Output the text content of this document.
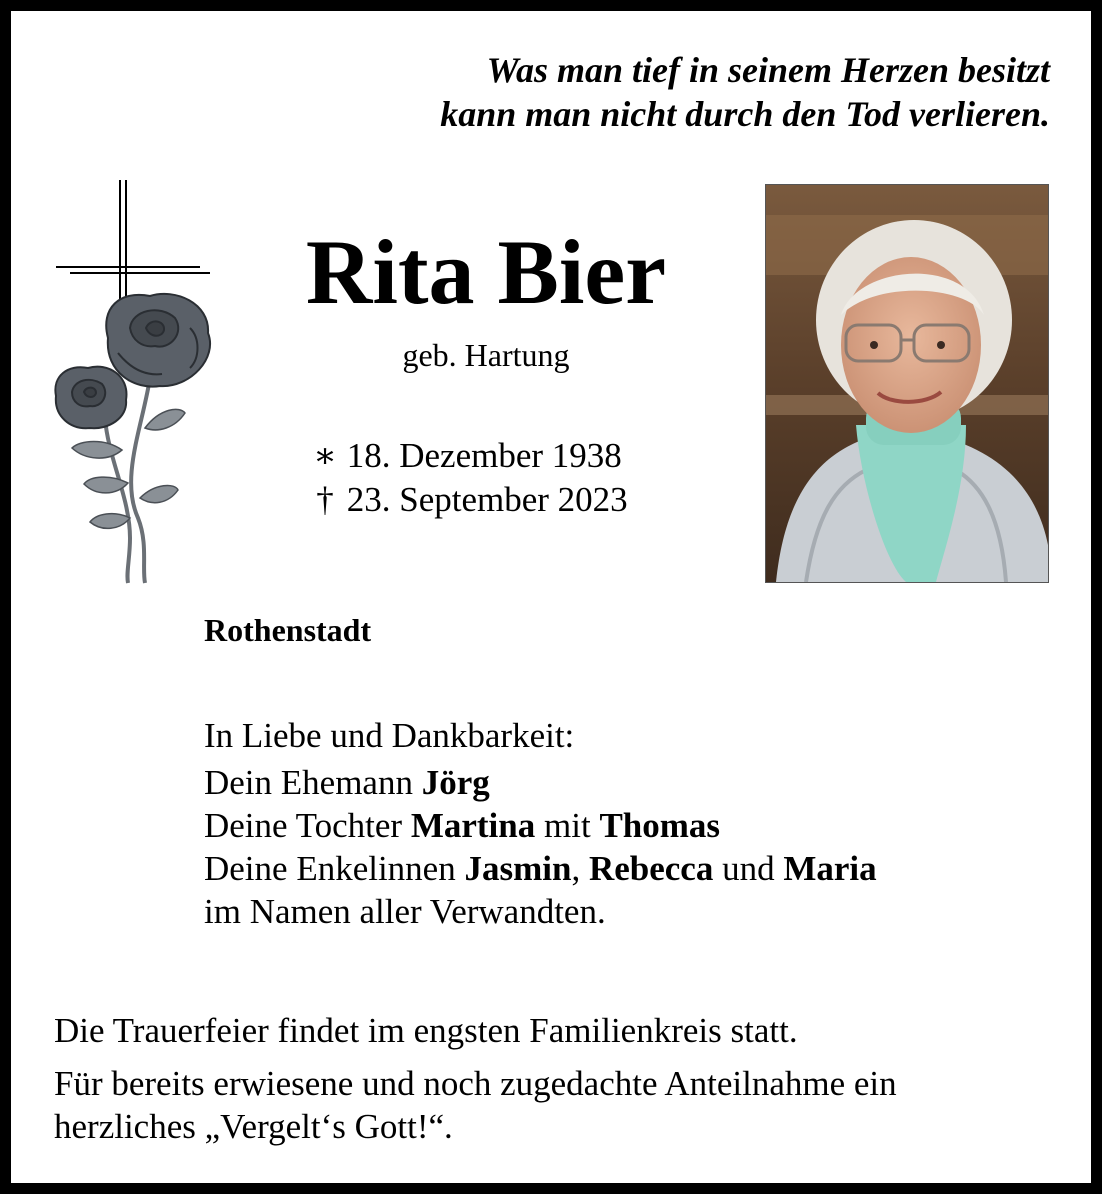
Was man tief in seinem Herzen besitzt
kann man nicht durch den Tod verlieren.
Rita Bier
geb. Hartung
∗ 18. Dezember 1938
† 23. September 2023
Rothenstadt
In Liebe und Dankbarkeit:
Dein Ehemann Jörg
Deine Tochter Martina mit Thomas
Deine Enkelinnen Jasmin, Rebecca und Maria
im Namen aller Verwandten.
Die Trauerfeier findet im engsten Familienkreis statt.
Für bereits erwiesene und noch zugedachte Anteilnahme ein
herzliches „Vergelt‘s Gott!“.
